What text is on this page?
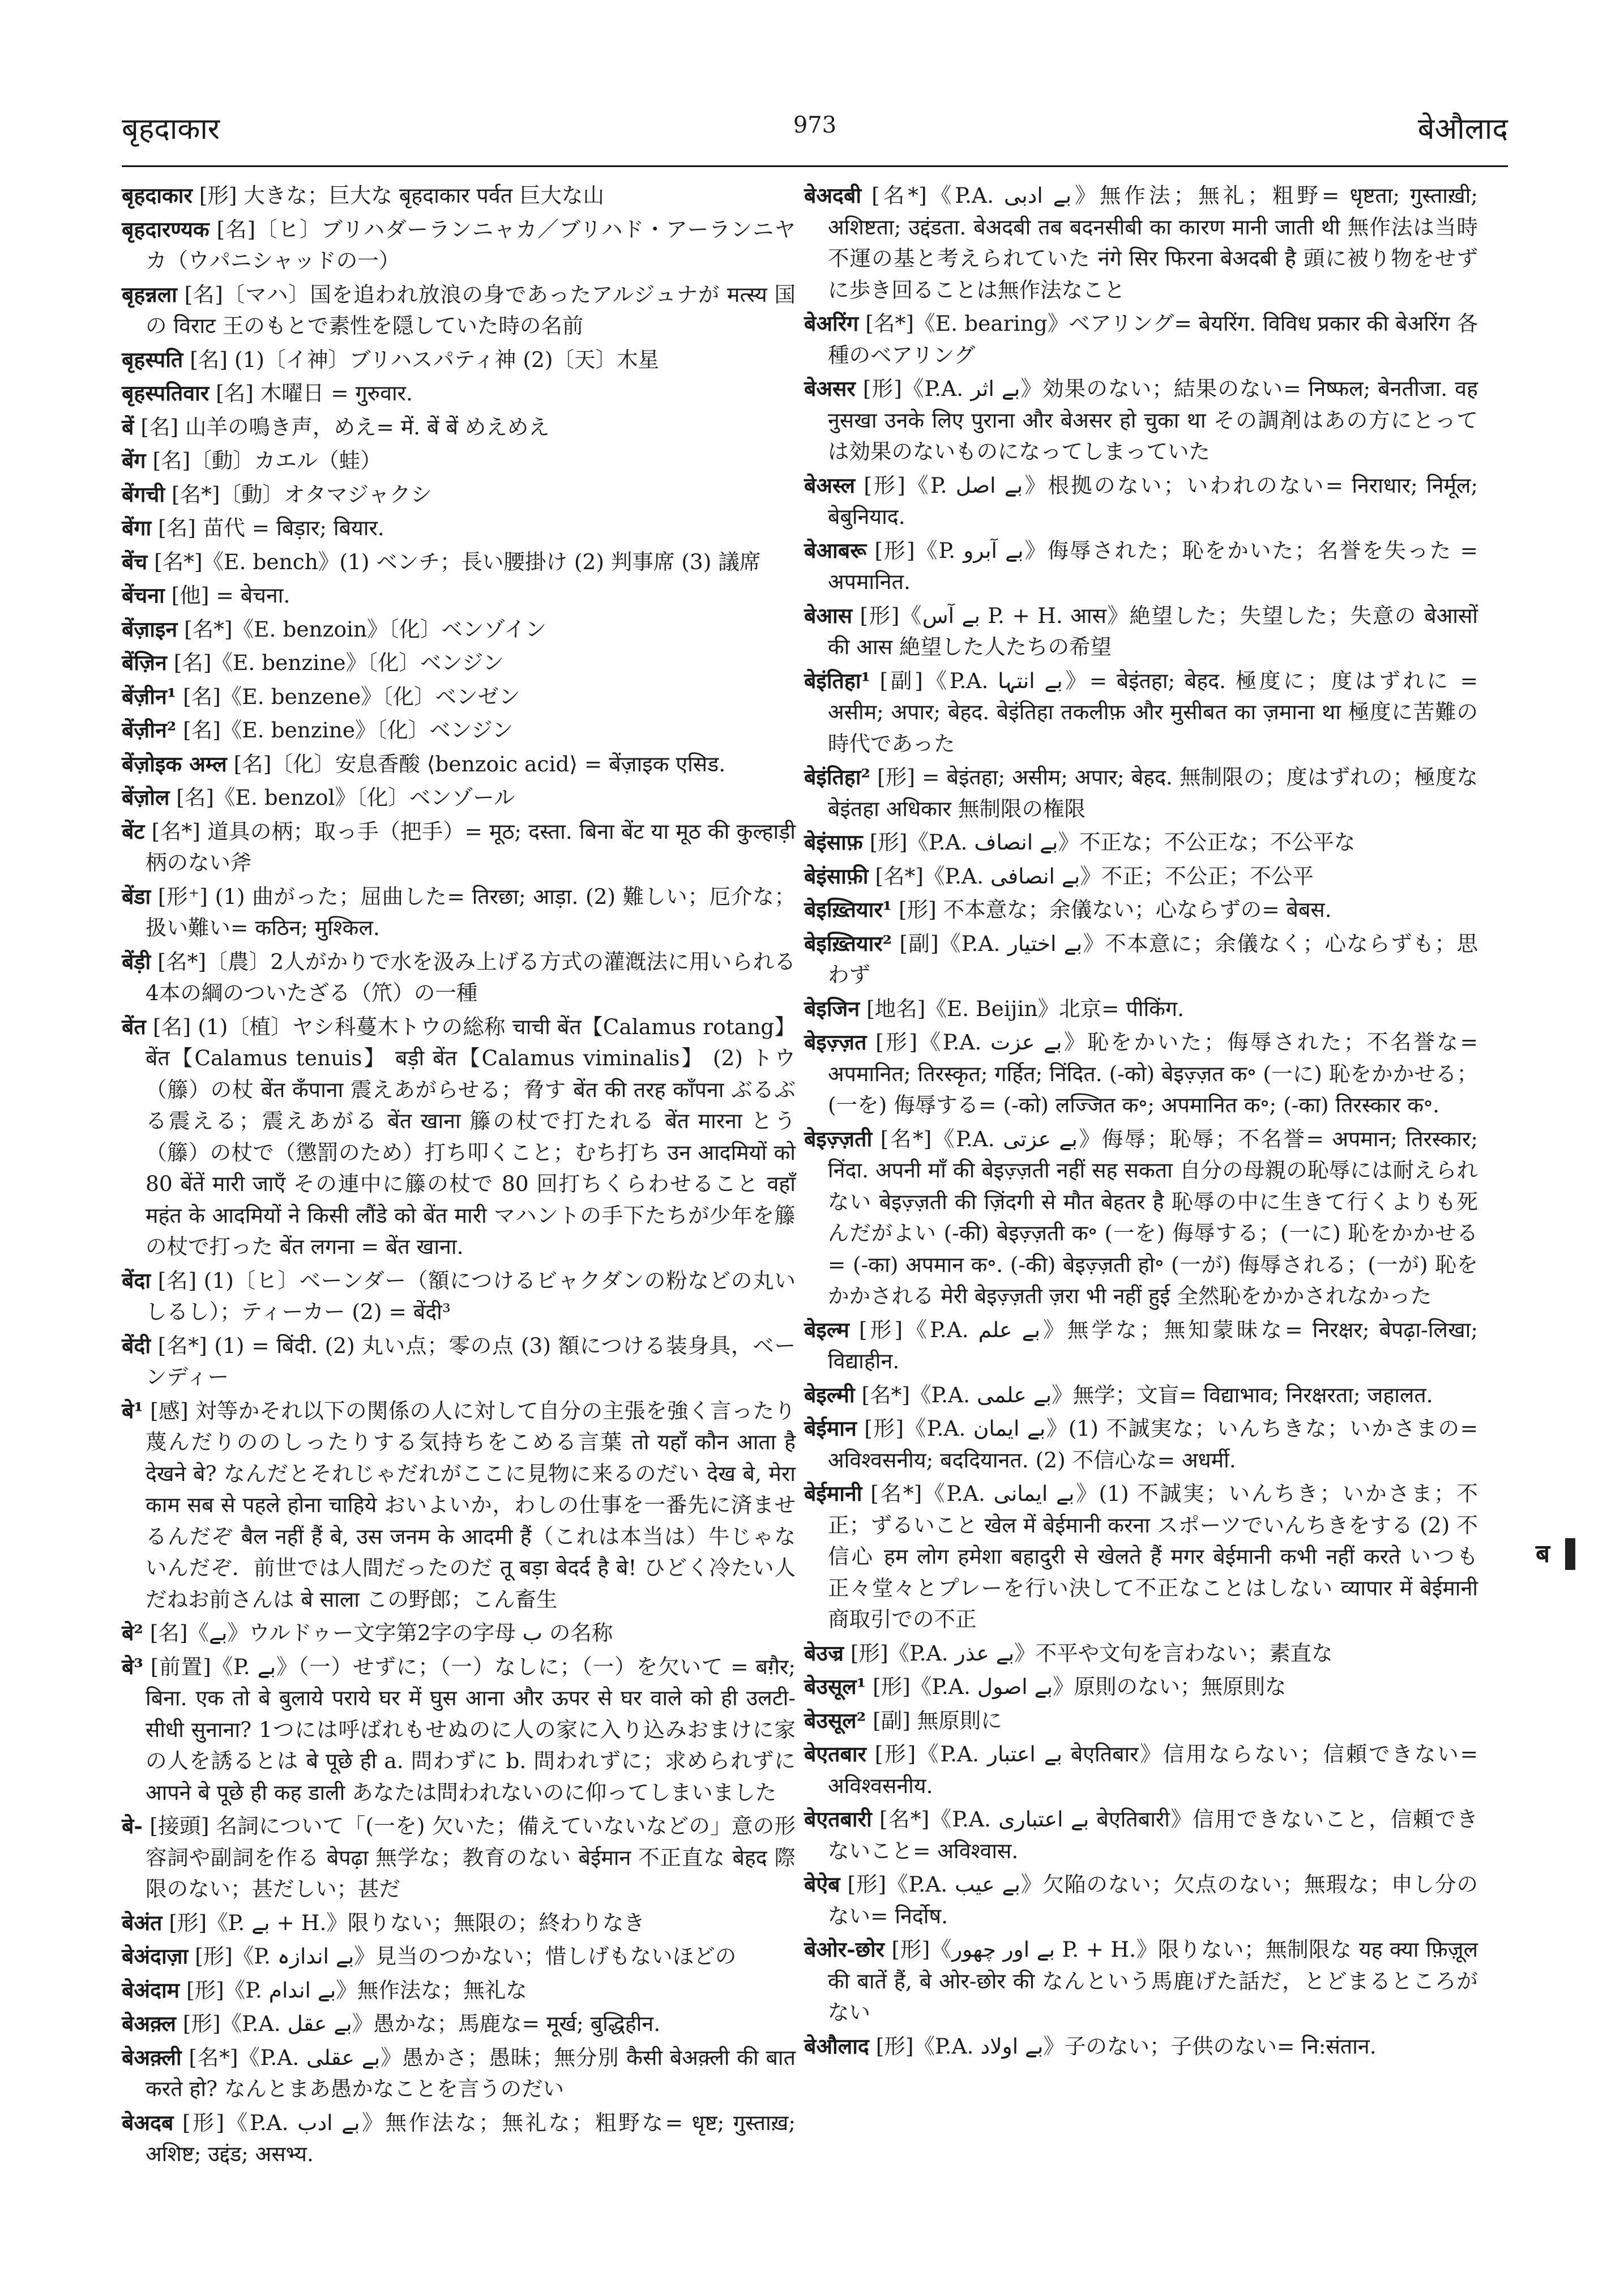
बृहदाकार	973	बेऔलाद

बृहदाकार [形] 大きな；巨大な बृहदाकार पर्वत 巨大な山

बृहदारण्यक [名]〔ヒ〕ブリハダーランニャカ／ブリハド・アーランニヤカ（ウパニシャッドの一）

बृहन्नला [名]〔マハ〕国を追われ放浪の身であったアルジュナが मत्स्य 国の विराट 王のもとで素性を隠していた時の名前

बृहस्पति [名] (1)〔イ神〕ブリハスパティ神 (2)〔天〕木星

बृहस्पतिवार [名] 木曜日 = गुरुवार.

बें [名] 山羊の鳴き声，めえ= में. बें बें めえめえ

बेंग [名]〔動〕カエル（蛙）

बेंगची [名*]〔動〕オタマジャクシ

बेंगा [名] 苗代 = बिड़ार; बियार.

बेंच [名*]《E. bench》(1) ベンチ；長い腰掛け (2) 判事席 (3) 議席

बेंचना [他] = बेचना.

बेंज़ाइन [名*]《E. benzoin》〔化〕ベンゾイン

बेंज़िन [名]《E. benzine》〔化〕ベンジン

बेंज़ीन¹ [名]《E. benzene》〔化〕ベンゼン

बेंज़ीन² [名]《E. benzine》〔化〕ベンジン

बेंज़ोइक अम्ल [名]〔化〕安息香酸 ⟨benzoic acid⟩ = बेंज़ाइक एसिड.

बेंज़ोल [名]《E. benzol》〔化〕ベンゾール

बेंट [名*] 道具の柄；取っ手（把手）= मूठ; दस्ता. बिना बेंट या मूठ की कुल्हाड़ी 柄のない斧

बेंडा [形⁺] (1) 曲がった；屈曲した= तिरछा; आड़ा. (2) 難しい；厄介な；扱い難い= कठिन; मुश्किल.

बेंड़ी [名*]〔農〕2人がかりで水を汲み上げる方式の灌漑法に用いられる4本の綱のついたざる（笊）の一種

बेंत [名] (1)〔植〕ヤシ科蔓木トウの総称 चाची बेंत【Calamus rotang】 बेंत【Calamus tenuis】 बड़ी बेंत【Calamus viminalis】 (2) トウ（籐）の杖 बेंत कँपाना 震えあがらせる；脅す बेंत की तरह काँपना ぶるぶる震える；震えあがる बेंत खाना 籐の杖で打たれる बेंत मारना とう（籐）の杖で（懲罰のため）打ち叩くこと；むち打ち उन आदमियों को 80 बेंतें मारी जाएँ その連中に籐の杖で 80 回打ちくらわせること वहाँ महंत के आदमियों ने किसी लौंडे को बेंत मारी マハントの手下たちが少年を籐の杖で打った बेंत लगना = बेंत खाना.

बेंदा [名] (1)〔ヒ〕ベーンダー（額につけるビャクダンの粉などの丸いしるし）；ティーカー (2) = बेंदी³

बेंदी [名*] (1) = बिंदी. (2) 丸い点；零の点 (3) 額につける装身具，ベーンディー

बे¹ [感] 対等かそれ以下の関係の人に対して自分の主張を強く言ったり蔑んだりののしったりする気持ちをこめる言葉 तो यहाँ कौन आता है देखने बे? なんだとそれじゃだれがここに見物に来るのだい देख बे, मेरा काम सब से पहले होना चाहिये おいよいか，わしの仕事を一番先に済ませるんだぞ बैल नहीं हैं बे, उस जनम के आदमी हैं（これは本当は）牛じゃないんだぞ．前世では人間だったのだ तू बड़ा बेदर्द है बे! ひどく冷たい人だねお前さんは बे साला この野郎；こん畜生

बे² [名]《بے》ウルドゥー文字第2字の字母 ب の名称

बे³ [前置]《P. بے》（一）せずに；（一）なしに；（一）を欠いて = बग़ैर; बिना. एक तो बे बुलाये पराये घर में घुस आना और ऊपर से घर वाले को ही उलटी-सीधी सुनाना? 1つには呼ばれもせぬのに人の家に入り込みおまけに家の人を誘るとは बे पूछे ही a. 問わずに b. 問われずに；求められずに आपने बे पूछे ही कह डाली あなたは問われないのに仰ってしまいました

बे- [接頭] 名詞について「(一を) 欠いた；備えていないなどの」意の形容詞や副詞を作る बेपढ़ा 無学な；教育のない बेईमान 不正直な बेहद 際限のない；甚だしい；甚だ

बेअंत [形]《P. بے + H.》限りない；無限の；終わりなき

बेअंदाज़ा [形]《P. بے اندازہ》見当のつかない；惜しげもないほどの

बेअंदाम [形]《P. بے اندام》無作法な；無礼な

बेअक़्ल [形]《P.A. بے عقل》愚かな；馬鹿な= मूर्ख; बुद्धिहीन.

बेअक़्ली [名*]《P.A. بے عقلی》愚かさ；愚昧；無分別 कैसी बेअक़्ली की बात करते हो? なんとまあ愚かなことを言うのだい

बेअदब [形]《P.A. بے ادب》無作法な；無礼な；粗野な= धृष्ट; गुस्ताख़; अशिष्ट; उद्दंड; असभ्य.

बेअदबी [名*]《P.A. بے ادبی》無作法；無礼；粗野= धृष्टता; गुस्ताख़ी; अशिष्टता; उद्दंडता. बेअदबी तब बदनसीबी का कारण मानी जाती थी 無作法は当時不運の基と考えられていた नंगे सिर फिरना बेअदबी है 頭に被り物をせずに歩き回ることは無作法なこと

बेअरिंग [名*]《E. bearing》ベアリング= बेयरिंग. विविध प्रकार की बेअरिंग 各種のベアリング

बेअसर [形]《P.A. بے اثر》効果のない；結果のない= निष्फल; बेनतीजा. वह नुसखा उनके लिए पुराना और बेअसर हो चुका था その調剤はあの方にとっては効果のないものになってしまっていた

बेअस्ल [形]《P. بے اصل》根拠のない；いわれのない= निराधार; निर्मूल; बेबुनियाद.

बेआबरू [形]《P. بے آبرو》侮辱された；恥をかいた；名誉を失った = अपमानित.

बेआस [形]《بے آس P. + H. आस》絶望した；失望した；失意の बेआसों की आस 絶望した人たちの希望

बेइंतिहा¹ [副]《P.A. بے انتہا》= बेइंतहा; बेहद. 極度に；度はずれに = असीम; अपार; बेहद. बेइंतिहा तकलीफ़ और मुसीबत का ज़माना था 極度に苦難の時代であった

बेइंतिहा² [形] = बेइंतहा; असीम; अपार; बेहद. 無制限の；度はずれの；極度な बेइंतहा अधिकार 無制限の権限

बेइंसाफ़ [形]《P.A. بے انصاف》不正な；不公正な；不公平な

बेइंसाफ़ी [名*]《P.A. بے انصافی》不正；不公正；不公平

बेइख़्तियार¹ [形] 不本意な；余儀ない；心ならずの= बेबस.

बेइख़्तियार² [副]《P.A. بے اختیار》不本意に；余儀なく；心ならずも；思わず

बेइजिन [地名]《E. Beijin》北京= पीकिंग.

बेइज़्ज़त [形]《P.A. بے عزت》恥をかいた；侮辱された；不名誉な= अपमानित; तिरस्कृत; गर्हित; निंदित. (-को) बेइज़्ज़त क॰ (一に) 恥をかかせる；(一を) 侮辱する= (-को) लज्जित क॰; अपमानित क॰; (-का) तिरस्कार क॰.

बेइज़्ज़ती [名*]《P.A. بے عزتی》侮辱；恥辱；不名誉= अपमान; तिरस्कार; निंदा. अपनी माँ की बेइज़्ज़ती नहीं सह सकता 自分の母親の恥辱には耐えられない बेइज़्ज़ती की ज़िंदगी से मौत बेहतर है 恥辱の中に生きて行くよりも死んだがよい (-की) बेइज़्ज़ती क॰ (一を) 侮辱する；(一に) 恥をかかせる= (-का) अपमान क॰. (-की) बेइज़्ज़ती हो॰ (一が) 侮辱される；(一が) 恥をかかされる मेरी बेइज़्ज़ती ज़रा भी नहीं हुई 全然恥をかかされなかった

बेइल्म [形]《P.A. بے علم》無学な；無知蒙昧な= निरक्षर; बेपढ़ा-लिखा; विद्याहीन.

बेइल्मी [名*]《P.A. بے علمی》無学；文盲= विद्याभाव; निरक्षरता; जहालत.

बेईमान [形]《P.A. بے ایمان》(1) 不誠実な；いんちきな；いかさまの= अविश्वसनीय; बददियानत. (2) 不信心な= अधर्मी.

बेईमानी [名*]《P.A. بے ایمانی》(1) 不誠実；いんちき；いかさま；不正；ずるいこと खेल में बेईमानी करना スポーツでいんちきをする (2) 不信心 हम लोग हमेशा बहादुरी से खेलते हैं मगर बेईमानी कभी नहीं करते いつも正々堂々とプレーを行い決して不正なことはしない व्यापार में बेईमानी 商取引での不正

बेउज्र [形]《P.A. بے عذر》不平や文句を言わない；素直な

बेउसूल¹ [形]《P.A. بے اصول》原則のない；無原則な

बेउसूल² [副] 無原則に

बेएतबार [形]《P.A. بے اعتبار बेएतिबार》信用ならない；信頼できない= अविश्वसनीय.

बेएतबारी [名*]《P.A. بے اعتباری बेएतिबारी》信用できないこと，信頼できないこと= अविश्वास.

बेऐब [形]《P.A. بے عیب》欠陥のない；欠点のない；無瑕な；申し分のない= निर्दोष.

बेओर-छोर [形]《بے اور چھور P. + H.》限りない；無制限な यह क्या फ़िज़ूल की बातें हैं, बे ओर-छोर की なんという馬鹿げた話だ，とどまるところがない

बेऔलाद [形]《P.A. بے اولاد》子のない；子供のない= नि:संतान.

ब
